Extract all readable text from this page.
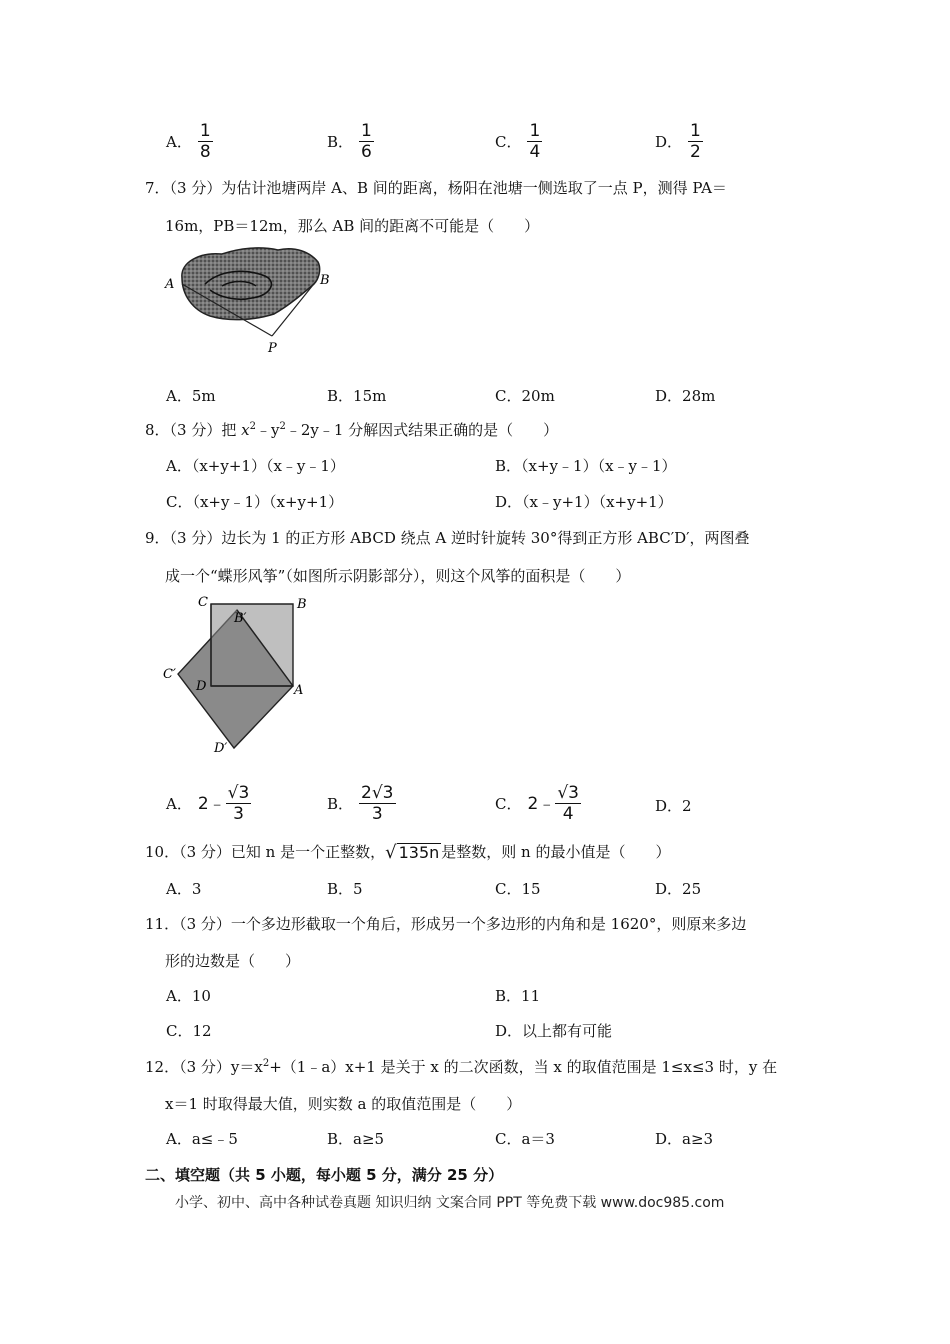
A． $\frac{1}{8}$	B． $\frac{1}{6}$	C． $\frac{1}{4}$	D． $\frac{1}{2}$
7．（3 分）为估计池塘两岸 A、B 间的距离，杨阳在池塘一侧选取了一点 P，测得 PA＝
16m，PB＝12m，那么 AB 间的距离不可能是（　　）
A	B
P
A．5m	B．15m	C．20m	D．28m
8．（3 分）把 $x^2﹣y^2﹣2y﹣1$ 分解因式结果正确的是（　　）
A．（x+y+1）（x﹣y﹣1）	B．（x+y﹣1）（x﹣y﹣1）
C．（x+y﹣1）（x+y+1）	D．（x﹣y+1）（x+y+1）
9．（3 分）边长为 1 的正方形 ABCD 绕点 A 逆时针旋转 30°得到正方形 ABC′D′，两图叠
成一个“蝶形风筝”（如图所示阴影部分），则这个风筝的面积是（　　）
C	B
B′
C′
D	A
D′
A． 2﹣ $\frac{√3}{3}$	B． $\frac{2√3}{3}$	C． 2﹣ $\frac{√3}{4}$	D．2
10．（3 分）已知 n 是一个正整数， √ 135n 是整数，则 n 的最小值是（　　）
A．3	B．5	C．15	D．25
11．（3 分）一个多边形截取一个角后，形成另一个多边形的内角和是 1620°，则原来多边
形的边数是（　　）
A．10	B．11
C．12	D．以上都有可能
12．（3 分）$y=x^2+(1﹣a)x+1$ 是关于 x 的二次函数，当 x 的取值范围是 1≤x≤3 时，y 在
x＝1 时取得最大值，则实数 a 的取值范围是（　　）
A．a≤﹣5	B．a≥5	C．a＝3	D．a≥3
二、填空题（共 5 小题，每小题 5 分，满分 25 分）
小学、初中、高中各种试卷真题 知识归纳 文案合同 PPT 等免费下载 www.doc985.com
